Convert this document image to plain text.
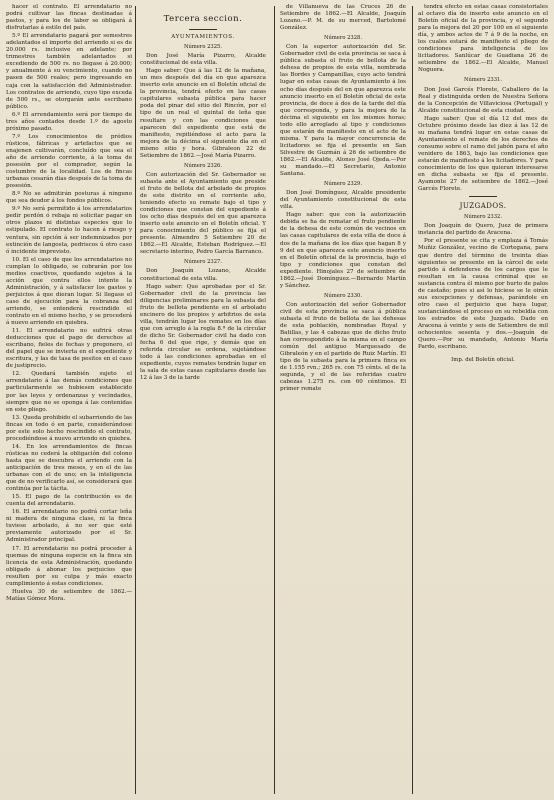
hacer el contrato. El arrendatario no podrá cultivar las fincas destinadas á pastos, y para los de labor se obligará á disfrutarlas á estilo del país.

5.º El arrendatario pagará por semestres adelantados el importe del arriendo si es de 20.000 rs. inclusive en adelante; por trimestres también adelantados si excediendo de 500 rs. no llegase á 20.000; y anualmente á su vencimiento, cuando no pasen de 500 reales; pero ingresando en caja con la satisfacción del Administrador. Los contratos de arriendo, cuyo tipo exceda de 500 rs., se otorgarán ante escribano público.

6.º El arrendamiento será por tiempo de tres años contados desde 1.º de agosto próximo pasado.

7.º Los conocimientos de prédios rústicos, fábricas y artefactos que se enajenen cultivarán, concluído que sea el año de arriendo corriente, á la toma de posesión por el comprador, según la costumbre de la localidad. Los de fincas urbanas cesarán dias después de la toma de posesión.

8.º No se admitirán posturas á ninguno que sea deudor á los fondos públicos.

9.º No será permitido á los arrendatarios pedir perdón ó rebaja ni solicitar pagar en otros plazos ni distintas especies que lo estipulado. El contrato lo hacen á riesgo y ventura, sin opción á ser indemnizados por extinción de langosta, pedriscos ú otro caso ó incidente imprevisto.

10. El el caso de que los arrendatarios no cumplan lo obligado, se cobrarán por los medios coactivos, quedando sujetos á la acción que contra ellos intente la Administración, y á satisfacer los gastos y perjuicios á que dieran lugar. Si llegase el caso de ejecución para la cobranza del arriendo, se entenderá rescindido el contrato en el mismo hecho, y se procederá á nuevo arriendo en quiebra.

11. El arrendatario no sufrirá otras deducciones que el pago de derechos al escribano, fieles de fechas y pregonero, el del papel que se invierta en el expediente y escritura, y las de tasa de pesitos en el caso de justiprecio.

12. Quedará también sujeto el arrendatario á las demás condiciones que particularmente se hubiesen establecido por las leyes y ordenanzas y vecindades, siempre que no se oponga á las contenidas en este pliego.

13. Queda prohibido el subarriendo de las fincas en todo ó en parte, considerándose por este solo hecho rescindido el contrato, procediéndose á nuevo arriendo en quiebra.

14. En los arrendamientos de fincas rústicas no cederá la obligación del colono hasta que se descubra el arriendo con la anticipación de tres meses, y en el de las urbanas con el de uno; en la inteligencia que de no verificarlo así, se considerará que continúa por la tácita.

15. El pago de la contribución es de cuenta del arrendatario.

16. El arrendatario no podrá cortar leña ni madera de ninguna clase, ni la finca tuviese arbolado, á no ser que esté previamente autorizado por el Sr. Administrador principal.

17. El arrendatario no podrá proceder á quemas de ninguna especie en la finca sin licencia de esta Administración, quedando obligado á abonar los perjuicios que resulten por su culpa y más exacto cumplimiento á estas condiciones.

Huelva 30 de setiembre de 1862.— Matías Gómez Mora.

Tercera seccion.
AYUNTAMIENTOS.
Número 2325.

Don José María Pizarro, Alcalde constitucional de esta villa.

Hago saber: Que á las 12 de la mañana, un mes después del día en que aparezca inserto este anuncio en el Boletín oficial de la provincia, tendrá efecto en las casas capitulares subasta pública para hacer poda del pinar del sitio del Rincón, por el tipo de un real el quintal de leña que resultare y con las condiciones que aparecen del expediente que está de manifiesto, repitiéndose el acto para la mejora de la décima el siguiente día en el mismo sitio y hora. Gibraleon 22 de Setiembre de 1862.—José María Pizarro.

Número 2326.

Con autorización del Sr. Gobernador se subasta ante el Ayuntamiento que preside el fruto de bellota del arbolado de propios de este distrito en el corriente año, teniendo efecto su remate bajo el tipo y condiciones que constan del expediente á los ocho días después del en que aparezca inserto este anuncio en el Boletín oficial. Y para conocimiento del público se fija el presente. Almendro 5 Setiembre 20 de 1862.—El Alcalde, Esteban Rodríguez.—El secretario interino, Pedro García Barranco.

Número 2327.

Don Joaquín Lozano, Alcalde constitucional de esta villa.

Hago saber: Que aprobadas por el Sr. Gobernador civil de la provincia las diligencias preliminares para la subasta del fruto de bellota pendiente en el arbolado encinero de los propios y arbitrios de esta villa, tendrán lugar los remates en los días que con arreglo á la regla 8.ª de la circular de dicho Sr. Gobernador civil ha dado con fecha 6 del que rige, y demás que en referida circular se ordena, sujetándose todo á las condiciones aprobadas en el expediente, cuyos remates tendrán lugar en la sala de estas casas capitulares desde las 12 á las 3 de la tarde

de Villanueva de las Cruces 26 de Setiembre de 1862.—El Alcalde, Joaquín Lozano.—P. M. de su merced, Bartolomé González.

Número 2328.

Con la superior autorización del Sr. Gobernador civil de esta provincia se saca á pública subasta el fruto de bellota de la dehesa de propios de esta villa, nombrada las Bordes y Campanillas, cuyo acto tendrá lugar en estas casas de Ayuntamiento á los ocho días después del en que aparezca este anuncio inserto en el Boletín oficial de esta provincia, de doce á dos de la tarde del día que corresponda, y para la mejora de la décima el siguiente en los mismos horas; todo ello arreglado al tipo y condiciones que estarán de manifiesto en el acto de la misma. Y para la mayor concurrencia de licitadores se fija el presente en San Silvestre de Guzmán á 26 de setiembre de 1862.—El Alcalde, Alonso José Ojeda.—Por su mandado.—El Secretario, Antonio Santana.

Número 2329.

Don José Domínguez, Alcalde presidente del Ayuntamiento constitucional de esta villa.

Hago saber: que con la autorización debida se ha de rematar el fruto pendiente de la dehesa de este común de vecinos en las casas capitulares de esta villa de doce á dos de la mañana de los días que hagan 8 y 9 del en que aparezca este anuncio inserto en el Boletín oficial de la provincia, bajo el tipo y condiciones que constan del expediente. Hinojales 27 de setiembre de 1862.—José Domínguez.—Bernardo Martín y Sánchez.

Número 2330.

Con autorización del señor Gobernador civil de esta provincia se saca á pública subasta el fruto de bellota de las dehesas de esta población, nombradas Royal y Batillas, y las 4 cabezas que de dicho fruto han correspondido á la misma en el campo común del antiguo Marquesado de Gibraleón y en el partido de Ruiz Martín. El tipo de la subasta para la primera finca es de 1.155 rvn.; 265 rs. con 75 cénts. el de la segunda, y el de las referidas cuatro cabezas 1.275 rs. con 60 céntimos. El primer remate

tendrá efecto en estas casas consistoriales al octavo día de inserto este anuncio en el Boletín oficial de la provincia, y el segundo para la mejora del 20 por 100 en el siguiente día, y ambos actos de 7 á 9 de la noche, en los cuales estará de manifiesto el pliego de condiciones para inteligencia de los licitadores. Sanlúcar de Guadiana 26 de setiembre de 1862.—El Alcalde, Manuel Noguera.

Número 2331.

Don José Garcés Florete, Caballero de la Real y distinguida orden de Nuestra Señora de la Concepción de Villaviciosa (Portugal) y Alcalde constitucional de esta ciudad.

Hago saber: Que el día 12 del mes de Octubre próximo desde las diez á las 12 de su mañana tendrá lugar en estas casas de Ayuntamiento el remate de los derechos de consumo sobre el ramo del jabón para el año venidero de 1863, bajo las condiciones que estarán de manifiesto á los licitadores. Y para conocimiento de los que quieran interesarse en dicha subasta se fija el presente. Ayamonte 27 de setiembre de 1862.—José Garcés Florete.

JUZGADOS.
Número 2332.

Don Joaquín de Quero, Juez de primera instancia del partido de Aracena.

Por el presente se cita y emplaza á Tomás Muñiz González, vecino de Cortegana, para que dentro del término de treinta días siguientes se presente en la cárcel de este partido á defenderse de los cargos que le resultan en la causa criminal que se sustancia contra él mismo por hurto de palos de castaño; pues si así lo hiciese se le oirán sus excepciones y defensas, parándole en otro caso el perjuicio que haya lugar, sustanciándose el proceso en su rebeldía con los estrados de este Juzgado. Dado en Aracena á veinte y seis de Setiembre de mil ochocientos sesenta y dos.—Joaquín de Quero.—Por su mandado, Antonio María Pardo, escribano.

Imp. del Boletín oficial.
